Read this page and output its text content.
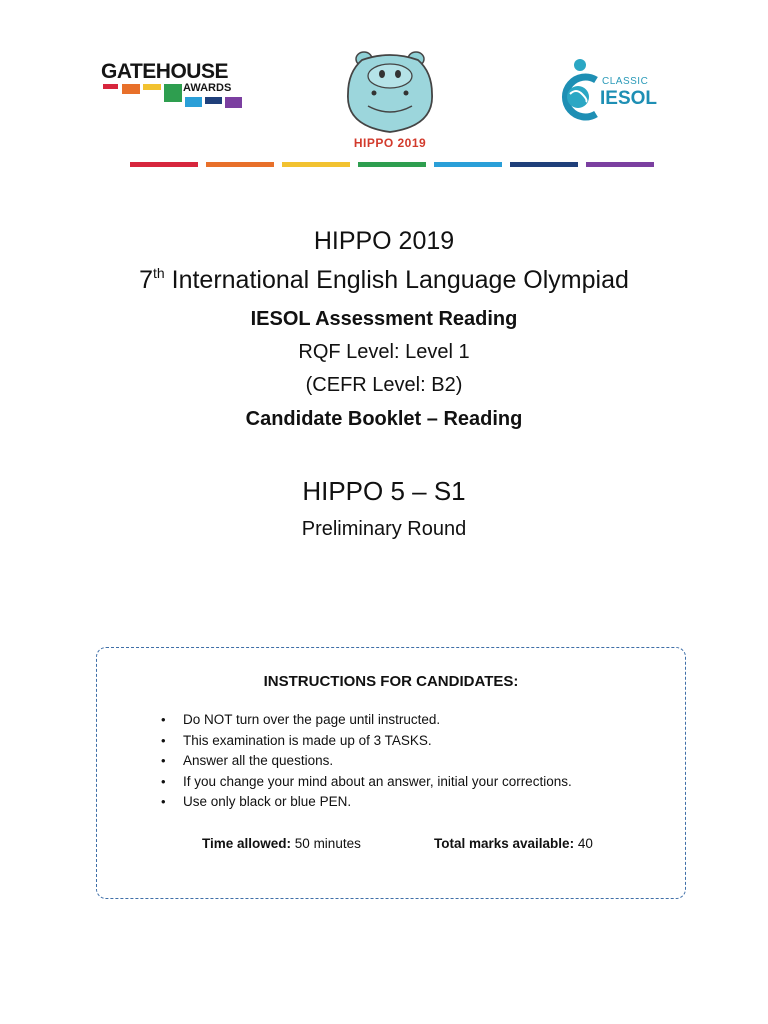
GATEHOUSE
AWARDS
HIPPO 2019
CLASSIC
IESOL
HIPPO 2019
7th International English Language Olympiad
IESOL Assessment Reading
RQF Level: Level 1
(CEFR Level: B2)
Candidate Booklet – Reading
HIPPO 5 – S1
Preliminary Round
INSTRUCTIONS FOR CANDIDATES:
• Do NOT turn over the page until instructed.
• This examination is made up of 3 TASKS.
• Answer all the questions.
• If you change your mind about an answer, initial your corrections.
• Use only black or blue PEN.
Time allowed: 50 minutes	Total marks available: 40
